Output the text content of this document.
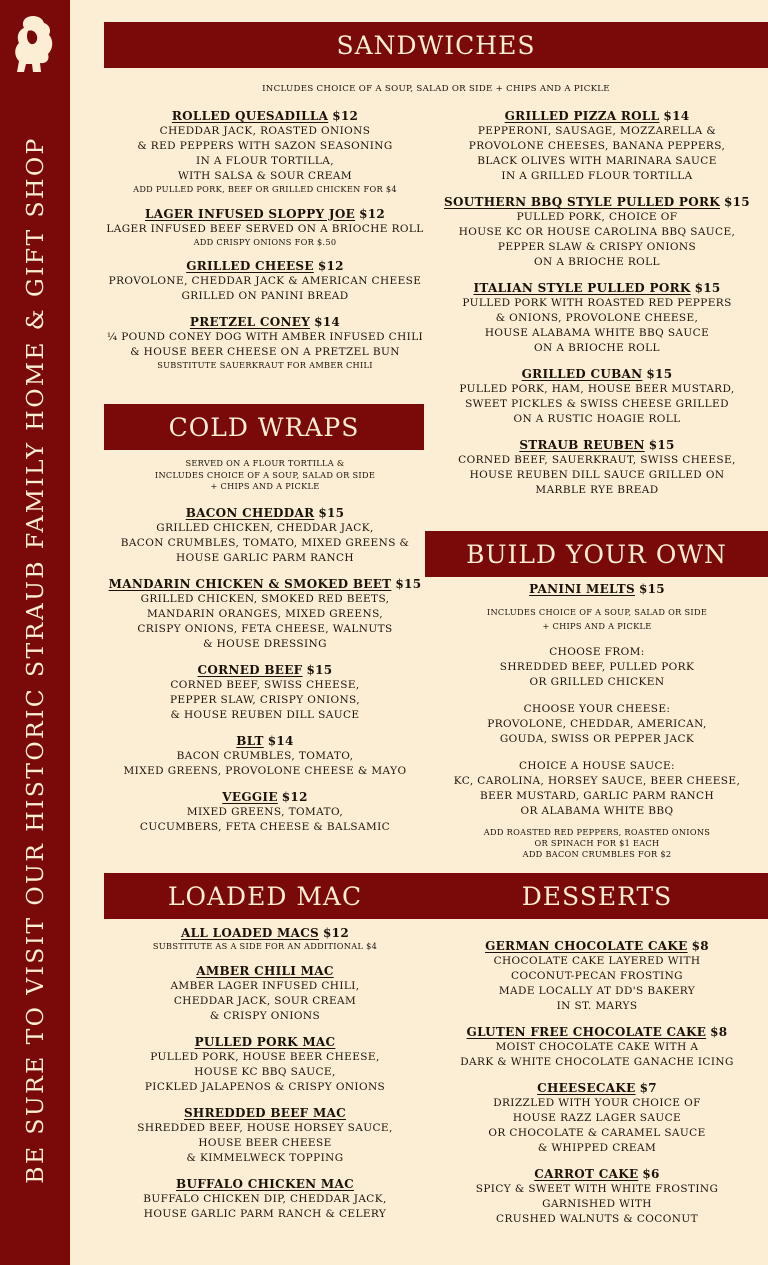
BE SURE TO VISIT OUR HISTORIC STRAUB FAMILY HOME & GIFT SHOP
SANDWICHES
COLD WRAPS
BUILD YOUR OWN
LOADED MAC	DESSERTS
INCLUDES CHOICE OF A SOUP, SALAD OR SIDE + CHIPS AND A PICKLE
ROLLED QUESADILLA $12
CHEDDAR JACK, ROASTED ONIONS
& RED PEPPERS WITH SAZON SEASONING
IN A FLOUR TORTILLA,
WITH SALSA & SOUR CREAM
ADD PULLED PORK, BEEF OR GRILLED CHICKEN FOR $4
LAGER INFUSED SLOPPY JOE $12
LAGER INFUSED BEEF SERVED ON A BRIOCHE ROLL
ADD CRISPY ONIONS FOR $.50
GRILLED CHEESE $12
PROVOLONE, CHEDDAR JACK & AMERICAN CHEESE
GRILLED ON PANINI BREAD
PRETZEL CONEY $14
¼ POUND CONEY DOG WITH AMBER INFUSED CHILI
& HOUSE BEER CHEESE ON A PRETZEL BUN
SUBSTITUTE SAUERKRAUT FOR AMBER CHILI
GRILLED PIZZA ROLL $14
PEPPERONI, SAUSAGE, MOZZARELLA &
PROVOLONE CHEESES, BANANA PEPPERS,
BLACK OLIVES WITH MARINARA SAUCE
IN A GRILLED FLOUR TORTILLA
SOUTHERN BBQ STYLE PULLED PORK $15
PULLED PORK, CHOICE OF
HOUSE KC OR HOUSE CAROLINA BBQ SAUCE,
PEPPER SLAW & CRISPY ONIONS
ON A BRIOCHE ROLL
ITALIAN STYLE PULLED PORK $15
PULLED PORK WITH ROASTED RED PEPPERS
& ONIONS, PROVOLONE CHEESE,
HOUSE ALABAMA WHITE BBQ SAUCE
ON A BRIOCHE ROLL
GRILLED CUBAN $15
PULLED PORK, HAM, HOUSE BEER MUSTARD,
SWEET PICKLES & SWISS CHEESE GRILLED
ON A RUSTIC HOAGIE ROLL
STRAUB REUBEN $15
CORNED BEEF, SAUERKRAUT, SWISS CHEESE,
HOUSE REUBEN DILL SAUCE GRILLED ON
MARBLE RYE BREAD
SERVED ON A FLOUR TORTILLA &
INCLUDES CHOICE OF A SOUP, SALAD OR SIDE
+ CHIPS AND A PICKLE
BACON CHEDDAR $15
GRILLED CHICKEN, CHEDDAR JACK,
BACON CRUMBLES, TOMATO, MIXED GREENS &
HOUSE GARLIC PARM RANCH
MANDARIN CHICKEN & SMOKED BEET $15
GRILLED CHICKEN, SMOKED RED BEETS,
MANDARIN ORANGES, MIXED GREENS,
CRISPY ONIONS, FETA CHEESE, WALNUTS
& HOUSE DRESSING
CORNED BEEF $15
CORNED BEEF, SWISS CHEESE,
PEPPER SLAW, CRISPY ONIONS,
& HOUSE REUBEN DILL SAUCE
BLT $14
BACON CRUMBLES, TOMATO,
MIXED GREENS, PROVOLONE CHEESE & MAYO
VEGGIE $12
MIXED GREENS, TOMATO,
CUCUMBERS, FETA CHEESE & BALSAMIC
PANINI MELTS $15
INCLUDES CHOICE OF A SOUP, SALAD OR SIDE
+ CHIPS AND A PICKLE
CHOOSE FROM:
SHREDDED BEEF, PULLED PORK
OR GRILLED CHICKEN
CHOOSE YOUR CHEESE:
PROVOLONE, CHEDDAR, AMERICAN,
GOUDA, SWISS OR PEPPER JACK
CHOICE A HOUSE SAUCE:
KC, CAROLINA, HORSEY SAUCE, BEER CHEESE,
BEER MUSTARD, GARLIC PARM RANCH
OR ALABAMA WHITE BBQ
ADD ROASTED RED PEPPERS, ROASTED ONIONS
OR SPINACH FOR $1 EACH
ADD BACON CRUMBLES FOR $2
ALL LOADED MACS $12
SUBSTITUTE AS A SIDE FOR AN ADDITIONAL $4
AMBER CHILI MAC
AMBER LAGER INFUSED CHILI,
CHEDDAR JACK, SOUR CREAM
& CRISPY ONIONS
PULLED PORK MAC
PULLED PORK, HOUSE BEER CHEESE,
HOUSE KC BBQ SAUCE,
PICKLED JALAPENOS & CRISPY ONIONS
SHREDDED BEEF MAC
SHREDDED BEEF, HOUSE HORSEY SAUCE,
HOUSE BEER CHEESE
& KIMMELWECK TOPPING
BUFFALO CHICKEN MAC
BUFFALO CHICKEN DIP, CHEDDAR JACK,
HOUSE GARLIC PARM RANCH & CELERY
GERMAN CHOCOLATE CAKE $8
CHOCOLATE CAKE LAYERED WITH
COCONUT-PECAN FROSTING
MADE LOCALLY AT DD'S BAKERY
IN ST. MARYS
GLUTEN FREE CHOCOLATE CAKE $8
MOIST CHOCOLATE CAKE WITH A
DARK & WHITE CHOCOLATE GANACHE ICING
CHEESECAKE $7
DRIZZLED WITH YOUR CHOICE OF
HOUSE RAZZ LAGER SAUCE
OR CHOCOLATE & CARAMEL SAUCE
& WHIPPED CREAM
CARROT CAKE $6
SPICY & SWEET WITH WHITE FROSTING
GARNISHED WITH
CRUSHED WALNUTS & COCONUT
